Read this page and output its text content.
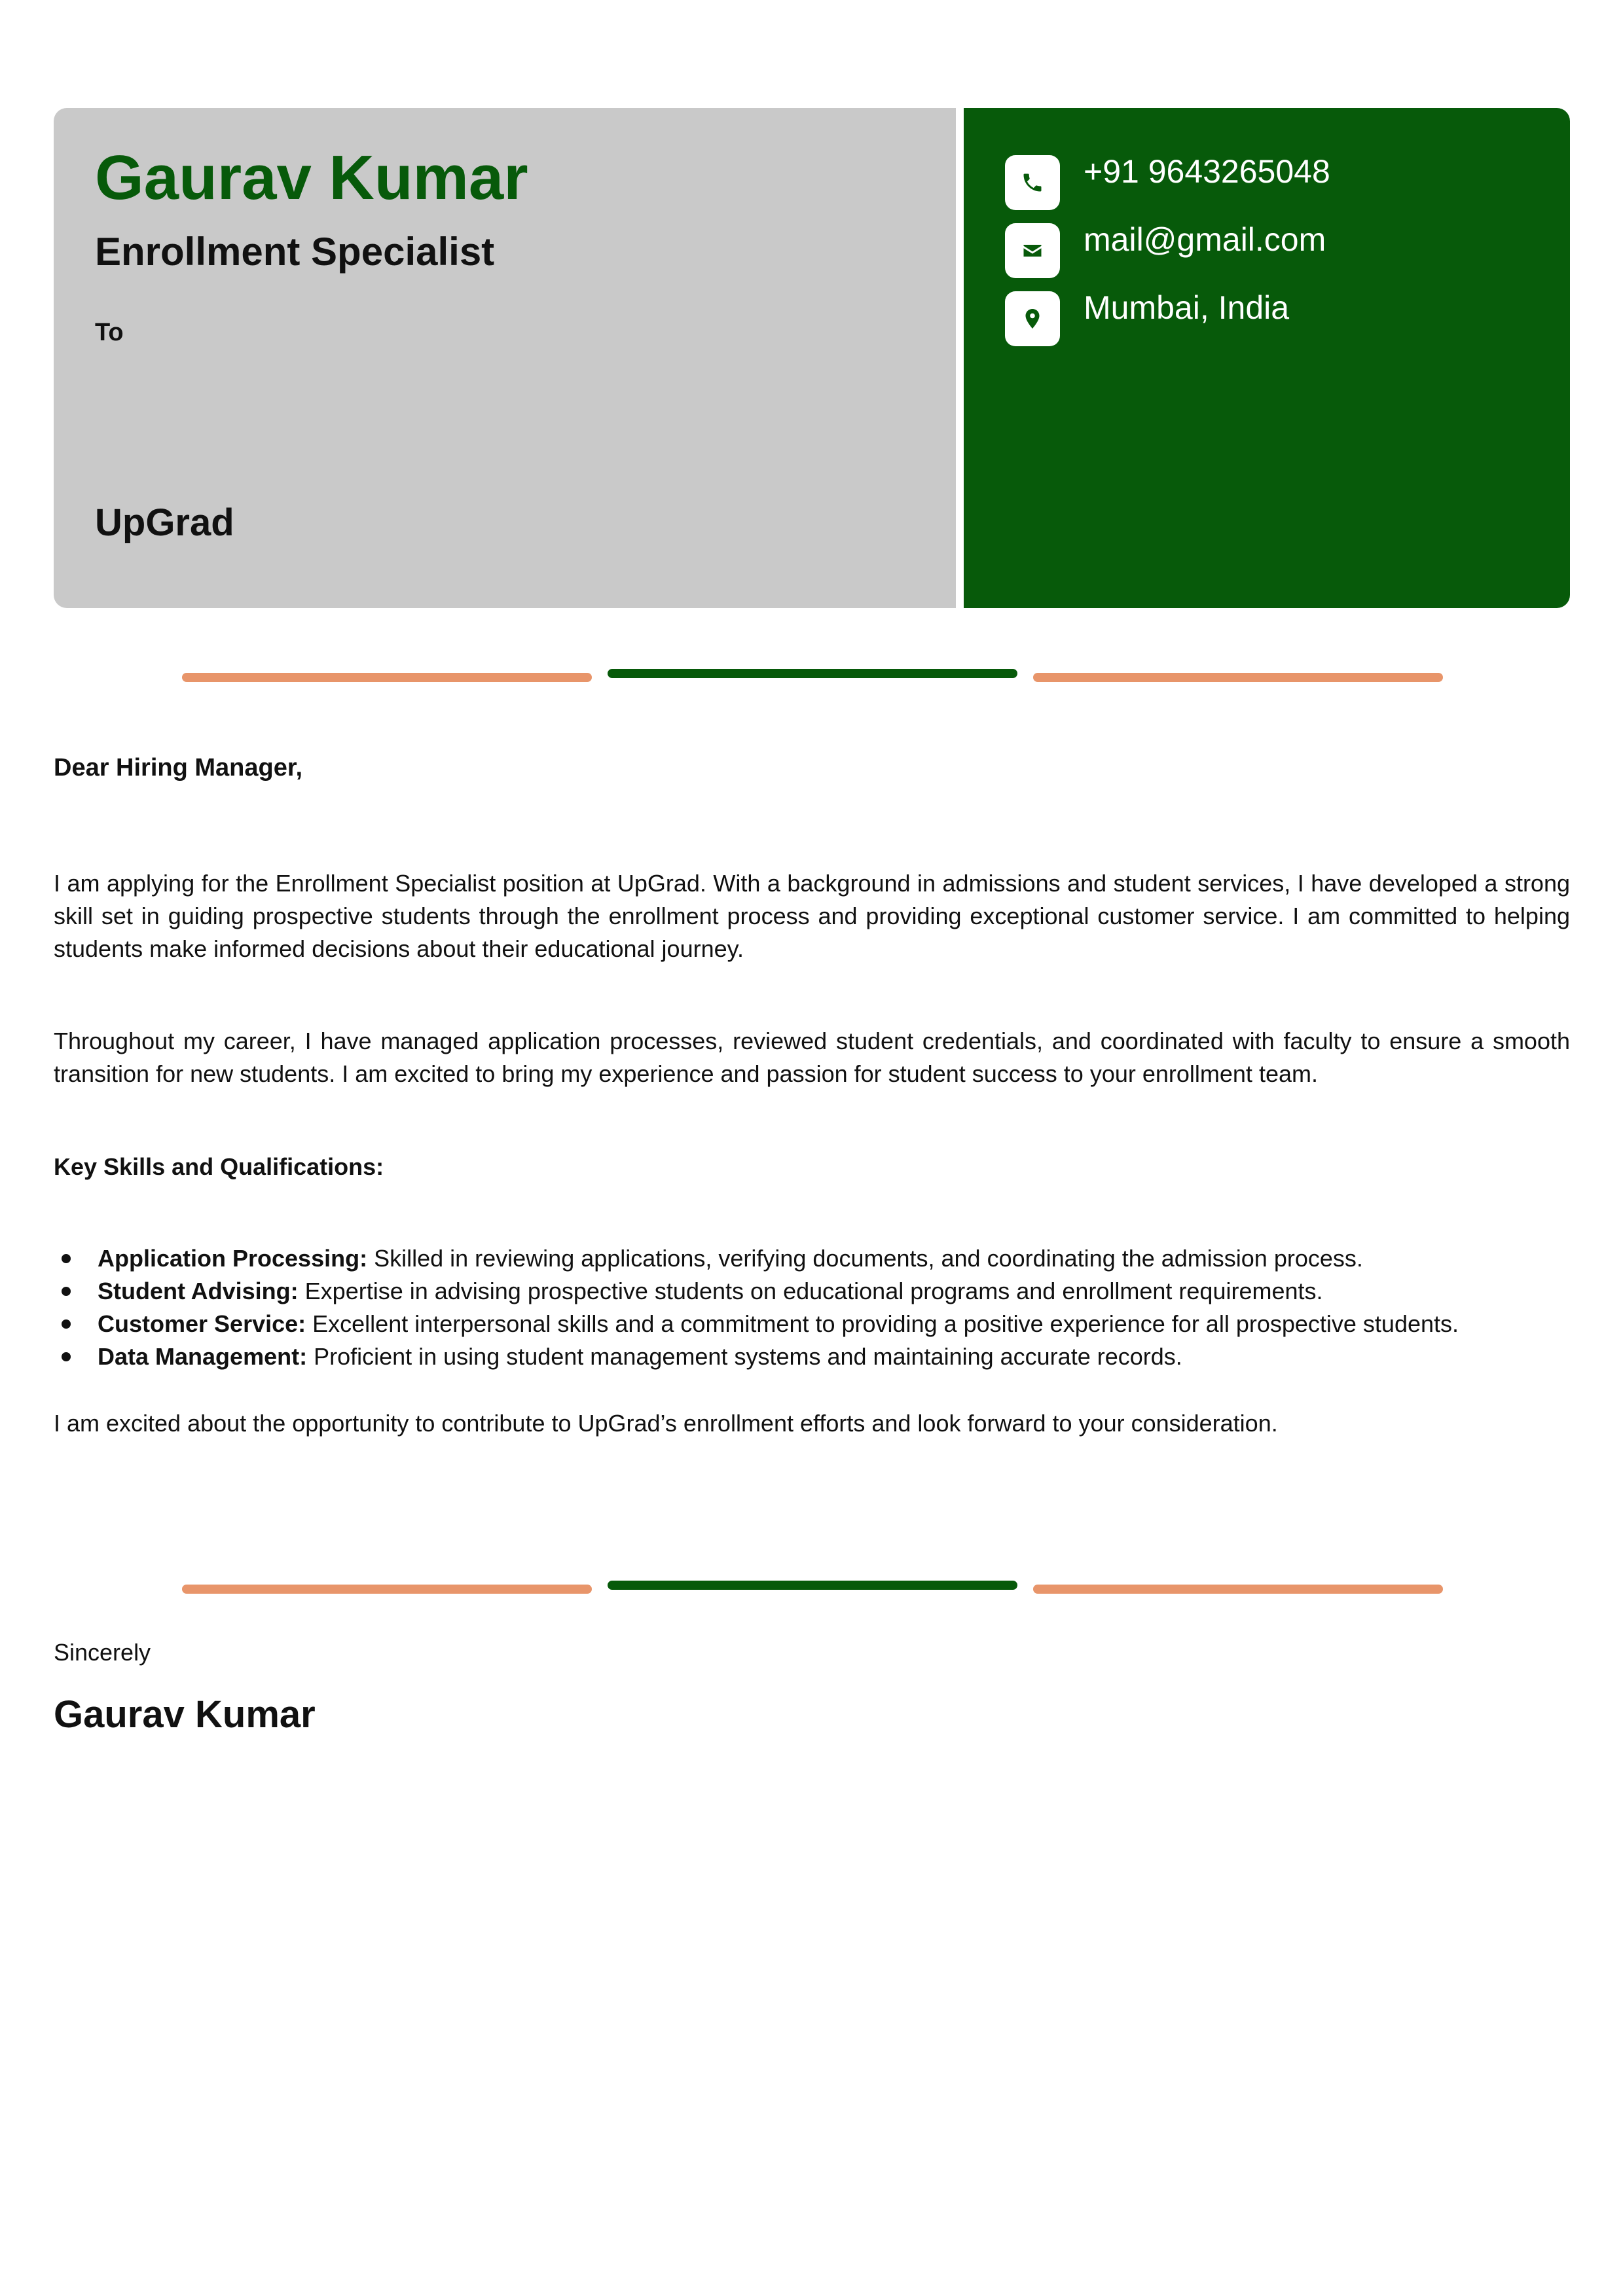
Gaurav Kumar
Enrollment Specialist
To
UpGrad
+91 9643265048
mail@gmail.com
Mumbai, India
Dear Hiring Manager,

I am applying for the Enrollment Specialist position at UpGrad. With a background in admissions and student services, I have developed a strong skill set in guiding prospective students through the enrollment process and providing exceptional customer service. I am committed to helping students make informed decisions about their educational journey.

Throughout my career, I have managed application processes, reviewed student credentials, and coordinated with faculty to ensure a smooth transition for new students. I am excited to bring my experience and passion for student success to your enrollment team.

Key Skills and Qualifications:
Application Processing: Skilled in reviewing applications, verifying documents, and coordinating the admission process.
Student Advising: Expertise in advising prospective students on educational programs and enrollment requirements.
Customer Service: Excellent interpersonal skills and a commitment to providing a positive experience for all prospective students.
Data Management: Proficient in using student management systems and maintaining accurate records.

I am excited about the opportunity to contribute to UpGrad’s enrollment efforts and look forward to your consideration.

Sincerely
Gaurav Kumar
